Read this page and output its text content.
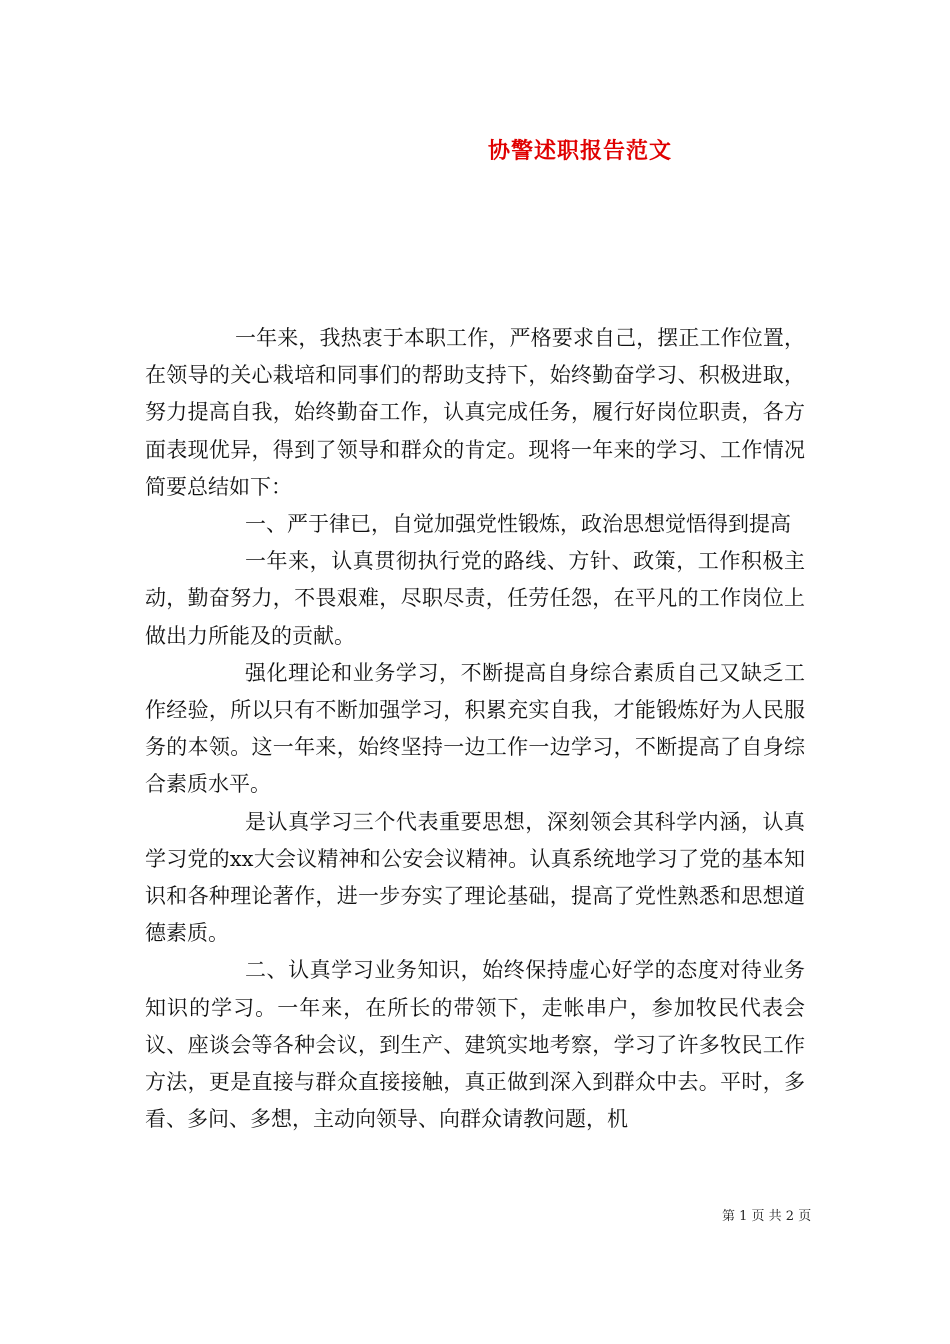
协警述职报告范文

一年来，我热衷于本职工作，严格要求自己，摆正工作位置，在领导的关心栽培和同事们的帮助支持下，始终勤奋学习、积极进取，努力提高自我，始终勤奋工作，认真完成任务，履行好岗位职责，各方面表现优异，得到了领导和群众的肯定。现将一年来的学习、工作情况简要总结如下：

一、严于律已，自觉加强党性锻炼，政治思想觉悟得到提高

一年来，认真贯彻执行党的路线、方针、政策，工作积极主动，勤奋努力，不畏艰难，尽职尽责，任劳任怨，在平凡的工作岗位上做出力所能及的贡献。

强化理论和业务学习，不断提高自身综合素质自己又缺乏工作经验，所以只有不断加强学习，积累充实自我，才能锻炼好为人民服务的本领。这一年来，始终坚持一边工作一边学习，不断提高了自身综合素质水平。

是认真学习三个代表重要思想，深刻领会其科学内涵，认真学习党的xx大会议精神和公安会议精神。认真系统地学习了党的基本知识和各种理论著作，进一步夯实了理论基础，提高了党性熟悉和思想道德素质。

二、认真学习业务知识，始终保持虚心好学的态度对待业务知识的学习。一年来，在所长的带领下，走帐串户，参加牧民代表会议、座谈会等各种会议，到生产、建筑实地考察，学习了许多牧民工作方法，更是直接与群众直接接触，真正做到深入到群众中去。平时，多看、多问、多想，主动向领导、向群众请教问题，机

第 1 页 共 2 页
